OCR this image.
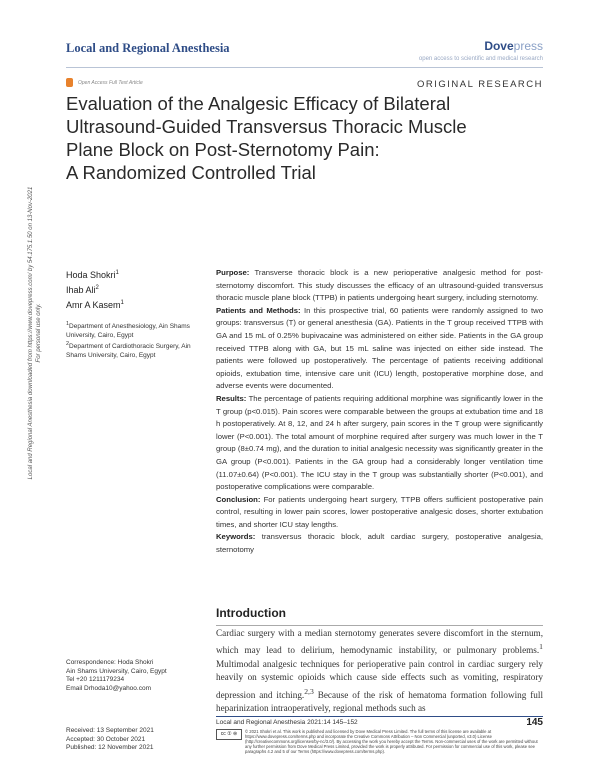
Local and Regional Anesthesia	Dovepress
open access to scientific and medical research
Open Access Full Text Article	ORIGINAL RESEARCH
Evaluation of the Analgesic Efficacy of Bilateral
Ultrasound-Guided Transversus Thoracic Muscle
Plane Block on Post-Sternotomy Pain:
A Randomized Controlled Trial
Local and Regional Anesthesia downloaded from https://www.dovepress.com/ by 54.175.1.50 on 13-Nov-2021 For personal use only.
Hoda Shokri$^1$
Ihab Ali$^2$
Amr A Kasem$^1$

$^1$Department of Anesthesiology, Ain Shams University, Cairo, Egypt

$^2$Department of Cardiothoracic Surgery, Ain Shams University, Cairo, Egypt

Purpose: Transverse thoracic block is a new perioperative analgesic method for post-sternotomy discomfort. This study discusses the efficacy of an ultrasound-guided transversus thoracic muscle plane block (TTPB) in patients undergoing heart surgery, including sternotomy.

Patients and Methods: In this prospective trial, 60 patients were randomly assigned to two groups: transversus (T) or general anesthesia (GA). Patients in the T group received TTPB with GA and 15 mL of 0.25% bupivacaine was administered on either side. Patients in the GA group received TTPB along with GA, but 15 mL saline was injected on either side instead. The patients were followed up postoperatively. The percentage of patients receiving additional opioids, extubation time, intensive care unit (ICU) length, postoperative morphine dose, and adverse events were documented.

Results: The percentage of patients requiring additional morphine was significantly lower in the T group (p<0.015). Pain scores were comparable between the groups at extubation time and 18 h postoperatively. At 8, 12, and 24 h after surgery, pain scores in the T group were significantly lower (P<0.001). The total amount of morphine required after surgery was much lower in the T group (8±0.74 mg), and the duration to initial analgesic necessity was significantly greater in the GA group (P<0.001). Patients in the GA group had a considerably longer ventilation time (11.07±0.64) (P<0.001). The ICU stay in the T group was substantially shorter (P<0.001), and postoperative complications were comparable.

Conclusion: For patients undergoing heart surgery, TTPB offers sufficient postoperative pain control, resulting in lower pain scores, lower postoperative analgesic doses, shorter extubation times, and shorter ICU stay lengths.

Keywords: transversus thoracic block, adult cardiac surgery, postoperative analgesia, sternotomy

Introduction
Cardiac surgery with a median sternotomy generates severe discomfort in the sternum, which may lead to delirium, hemodynamic instability, or pulmonary problems.$^1$ Multimodal analgesic techniques for perioperative pain control in cardiac surgery rely heavily on systemic opioids which cause side effects such as vomiting, respiratory depression and itching.$^{2,3}$ Because of the risk of hematoma formation following full heparinization intraoperatively, regional methods such as

Correspondence: Hoda Shokri

Ain Shams University, Cairo, Egypt

Tel +20 1211179234

Email Drhoda10@yahoo.com

Received: 13 September 2021

Accepted: 30 October 2021

Published: 12 November 2021

Local and Regional Anesthesia 2021:14 145–152	145
cc ① ⊜	© 2021 Shokri et al. This work is published and licensed by Dove Medical Press Limited. The full terms of this license are available at https://www.dovepress.com/terms.php and incorporate the Creative Commons Attribution – Non Commercial (unported, v3.0) License (http://creativecommons.org/licenses/by-nc/3.0/). By accessing the work you hereby accept the Terms. Non-commercial uses of the work are permitted without any further permission from Dove Medical Press Limited, provided the work is properly attributed. For permission for commercial use of this work, please see paragraphs 4.2 and 5 of our Terms (https://www.dovepress.com/terms.php).
